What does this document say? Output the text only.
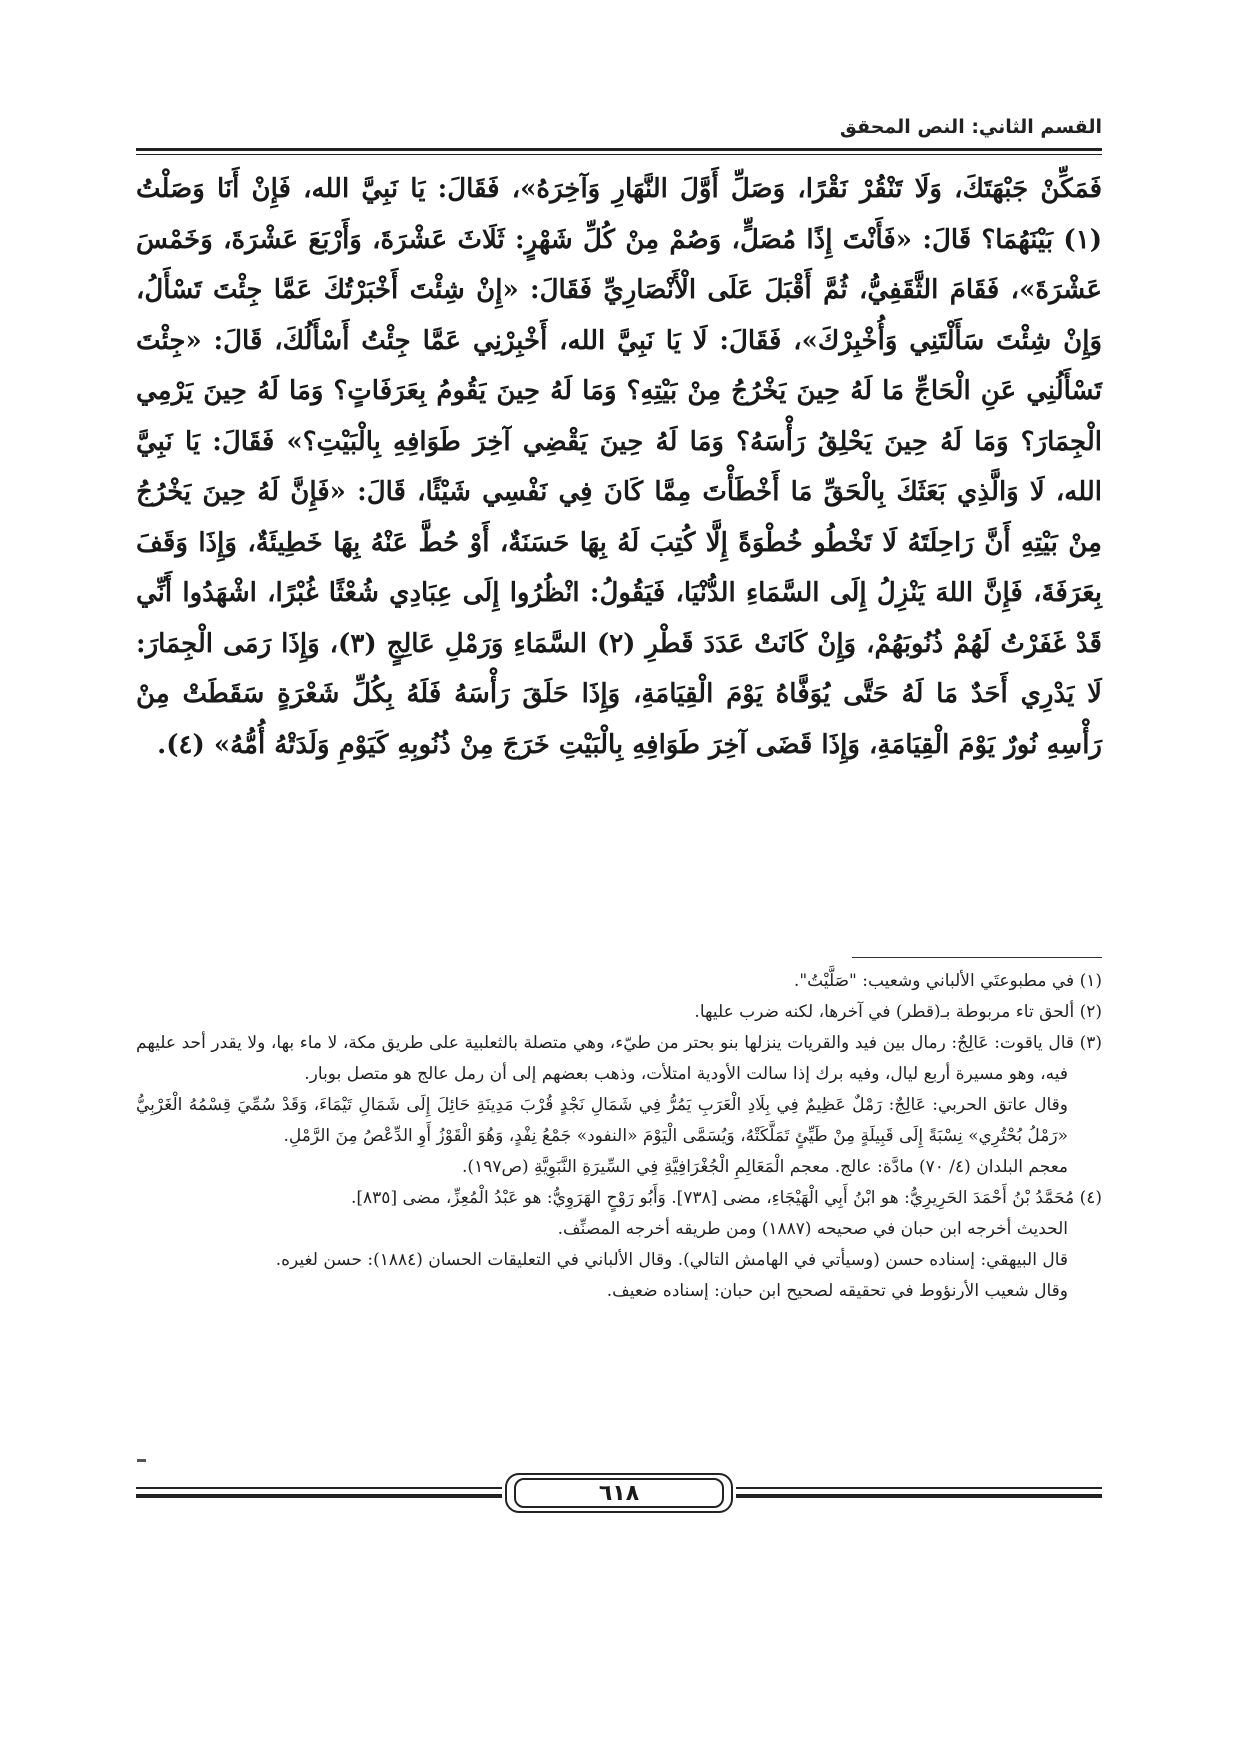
القسم الثاني: النص المحقق

فَمَكِّنْ جَبْهَتَكَ، وَلَا تَنْقُرْ نَقْرًا، وَصَلِّ أَوَّلَ النَّهَارِ وَآخِرَهُ»، فَقَالَ: يَا نَبِيَّ الله، فَإِنْ أَنَا وَصَلْتُ (١) بَيْنَهُمَا؟ قَالَ: «فَأَنْتَ إِذًا مُصَلٍّ، وَصُمْ مِنْ كُلِّ شَهْرٍ: ثَلَاثَ عَشْرَةَ، وَأَرْبَعَ عَشْرَةَ، وَخَمْسَ عَشْرَةَ»، فَقَامَ الثَّقَفِيُّ، ثُمَّ أَقْبَلَ عَلَى الْأَنْصَارِيِّ فَقَالَ: «إِنْ شِئْتَ أَخْبَرْتُكَ عَمَّا جِئْتَ تَسْأَلُ، وَإِنْ شِئْتَ سَأَلْتَنِي وَأُخْبِرْكَ»، فَقَالَ: لَا يَا نَبِيَّ الله، أَخْبِرْنِي عَمَّا جِئْتُ أَسْأَلُكَ، قَالَ: «جِئْتَ تَسْأَلُنِي عَنِ الْحَاجِّ مَا لَهُ حِينَ يَخْرُجُ مِنْ بَيْتِهِ؟ وَمَا لَهُ حِينَ يَقُومُ بِعَرَفَاتٍ؟ وَمَا لَهُ حِينَ يَرْمِي الْجِمَارَ؟ وَمَا لَهُ حِينَ يَحْلِقُ رَأْسَهُ؟ وَمَا لَهُ حِينَ يَقْضِي آخِرَ طَوَافِهِ بِالْبَيْتِ؟» فَقَالَ: يَا نَبِيَّ الله، لَا وَالَّذِي بَعَثَكَ بِالْحَقِّ مَا أَخْطَأْتَ مِمَّا كَانَ فِي نَفْسِي شَيْئًا، قَالَ: «فَإِنَّ لَهُ حِينَ يَخْرُجُ مِنْ بَيْتِهِ أَنَّ رَاحِلَتَهُ لَا تَخْطُو خُطْوَةً إِلَّا كُتِبَ لَهُ بِهَا حَسَنَةٌ، أَوْ حُطَّ عَنْهُ بِهَا خَطِيئَةٌ، وَإِذَا وَقَفَ بِعَرَفَةَ، فَإِنَّ اللهَ يَنْزِلُ إِلَى السَّمَاءِ الدُّنْيَا، فَيَقُولُ: انْظُرُوا إِلَى عِبَادِي شُعْثًا غُبْرًا، اشْهَدُوا أَنِّي قَدْ غَفَرْتُ لَهُمْ ذُنُوبَهُمْ، وَإِنْ كَانَتْ عَدَدَ قَطْرِ (٢) السَّمَاءِ وَرَمْلِ عَالِجٍ (٣)، وَإِذَا رَمَى الْجِمَارَ: لَا يَدْرِي أَحَدٌ مَا لَهُ حَتَّى يُوَفَّاهُ يَوْمَ الْقِيَامَةِ، وَإِذَا حَلَقَ رَأْسَهُ فَلَهُ بِكُلِّ شَعْرَةٍ سَقَطَتْ مِنْ رَأْسِهِ نُورٌ يَوْمَ الْقِيَامَةِ، وَإِذَا قَضَى آخِرَ طَوَافِهِ بِالْبَيْتِ خَرَجَ مِنْ ذُنُوبِهِ كَيَوْمِ وَلَدَتْهُ أُمُّهُ» (٤).

(١) في مطبوعتَي الألباني وشعيب: "صَلَّيْتُ".

(٢) ألحق تاء مربوطة بـ(قطر) في آخرها، لكنه ضرب عليها.

(٣) قال ياقوت: عَالِجٌ: رمال بين فيد والقريات ينزلها بنو بحتر من طيّء، وهي متصلة بالثعلبية على طريق مكة، لا ماء بها، ولا يقدر أحد عليهم فيه، وهو مسيرة أربع ليال، وفيه برك إذا سالت الأودية امتلأت، وذهب بعضهم إلى أن رمل عالج هو متصل بوبار.

وقال عاتق الحربي: عَالِجٌ: رَمْلٌ عَظِيمٌ فِي بِلَادِ الْعَرَبِ يَمُرُّ فِي شَمَالِ نَجْدٍ قُرْبَ مَدِينَةِ حَائِلَ إِلَى شَمَالِ تَيْمَاءَ، وَقَدْ سُمِّيَ قِسْمُهُ الْغَرْبِيُّ «رَمْلُ بُحْتُرِي» نِسْبَةً إِلَى قَبِيلَةٍ مِنْ طَيِّئٍ تَمَلَّكَتْهُ، وَيُسَمَّى الْيَوْمَ «النفود» جَمْعُ نِفْدٍ، وَهُوَ الْقَوْزُ أَوِ الدِّعْصُ مِنَ الرَّمْلِ.

معجم البلدان (٤/ ٧٠) مادَّة: عالج. معجم الْمَعَالِمِ الْجُغْرَافِيَّةِ فِي السِّيرَةِ النَّبَوِيَّةِ (ص١٩٧).

(٤) مُحَمَّدُ بْنُ أَحْمَدَ الحَرِيرِيُّ: هو ابْنُ أَبِي الْهَيْجَاءِ، مضى [٧٣٨]. وَأَبُو رَوْحٍ الهَرَوِيُّ: هو عَبْدُ الْمُعِزِّ، مضى [٨٣٥].

الحديث أخرجه ابن حبان في صحيحه (١٨٨٧) ومن طريقه أخرجه المصنِّف.

قال البيهقي: إسناده حسن (وسيأتي في الهامش التالي). وقال الألباني في التعليقات الحسان (١٨٨٤): حسن لغيره.

وقال شعيب الأرنؤوط في تحقيقه لصحيح ابن حبان: إسناده ضعيف.

٦١٨
